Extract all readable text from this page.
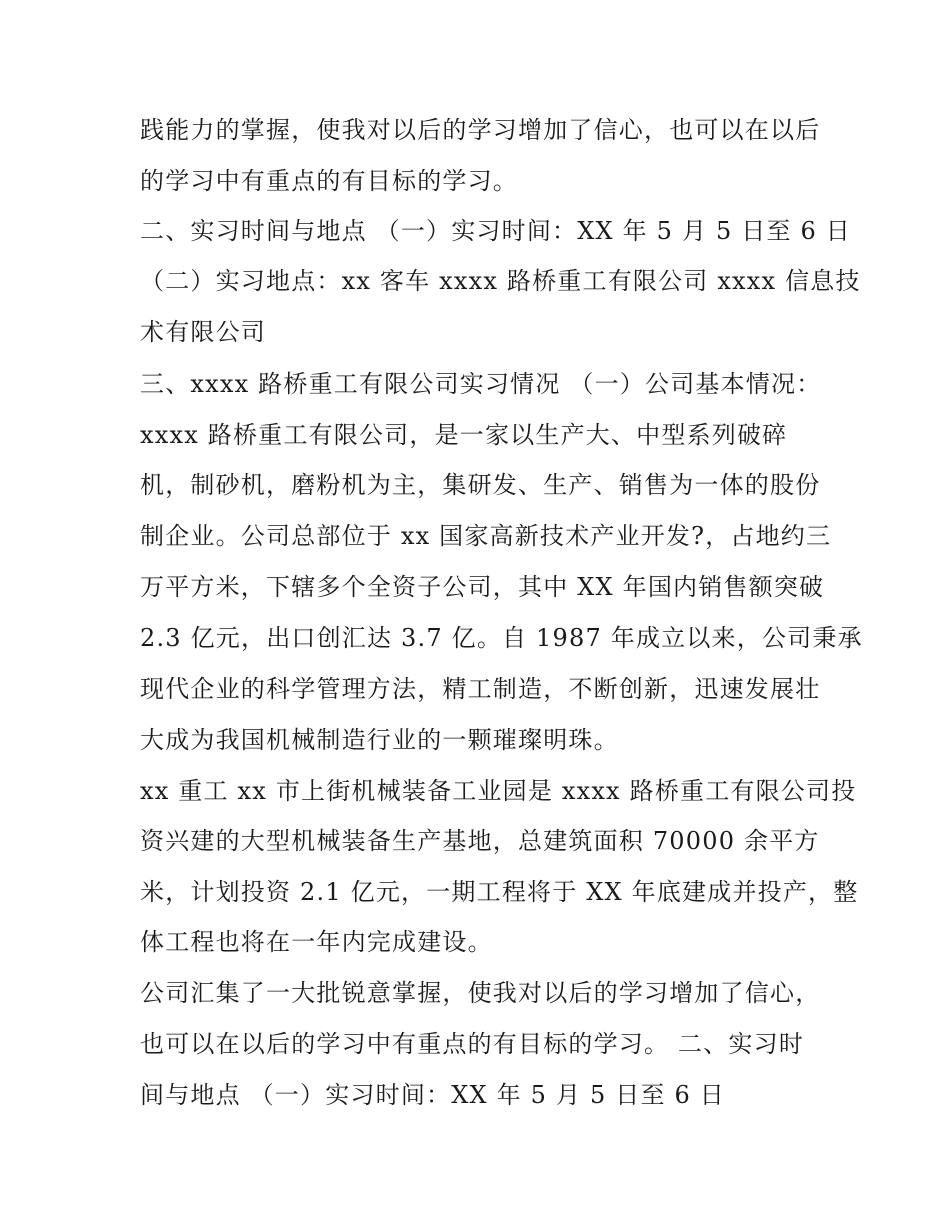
践能力的掌握，使我对以后的学习增加了信心，也可以在以后
的学习中有重点的有目标的学习。
二、实习时间与地点 （一）实习时间：XX 年 5 月 5 日至 6 日
（二）实习地点：xx 客车 xxxx 路桥重工有限公司 xxxx 信息技
术有限公司
三、xxxx 路桥重工有限公司实习情况 （一）公司基本情况：
xxxx 路桥重工有限公司，是一家以生产大、中型系列破碎
机，制砂机，磨粉机为主，集研发、生产、销售为一体的股份
制企业。公司总部位于 xx 国家高新技术产业开发?，占地约三
万平方米，下辖多个全资子公司，其中 XX 年国内销售额突破
2.3 亿元，出口创汇达 3.7 亿。自 1987 年成立以来，公司秉承
现代企业的科学管理方法，精工制造，不断创新，迅速发展壮
大成为我国机械制造行业的一颗璀璨明珠。
xx 重工 xx 市上街机械装备工业园是 xxxx 路桥重工有限公司投
资兴建的大型机械装备生产基地，总建筑面积 70000 余平方
米，计划投资 2.1 亿元，一期工程将于 XX 年底建成并投产，整
体工程也将在一年内完成建设。
公司汇集了一大批锐意掌握，使我对以后的学习增加了信心，
也可以在以后的学习中有重点的有目标的学习。 二、实习时
间与地点 （一）实习时间：XX 年 5 月 5 日至 6 日
